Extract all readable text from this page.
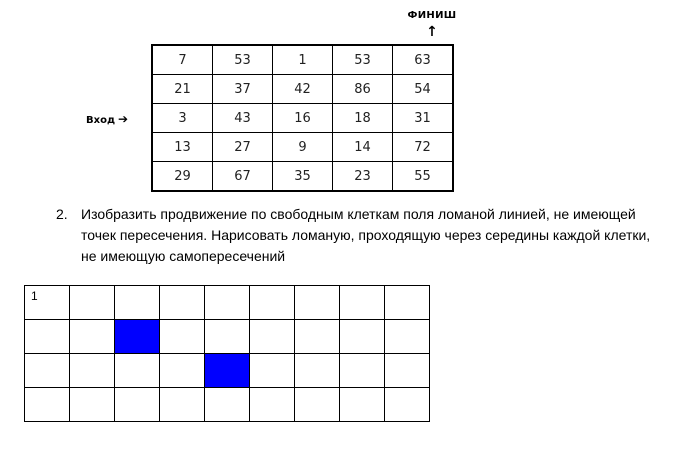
ФИНИШ
↑
Вход ➔
7	53	1	53	63
21	37	42	86	54
3	43	16	18	31
13	27	9	14	72
29	67	35	23	55
2. Изобразить продвижение по свободным клеткам поля ломаной линией, не имеющей точек пересечения. Нарисовать ломаную, проходящую через середины каждой клетки, не имеющую самопересечений
1								
